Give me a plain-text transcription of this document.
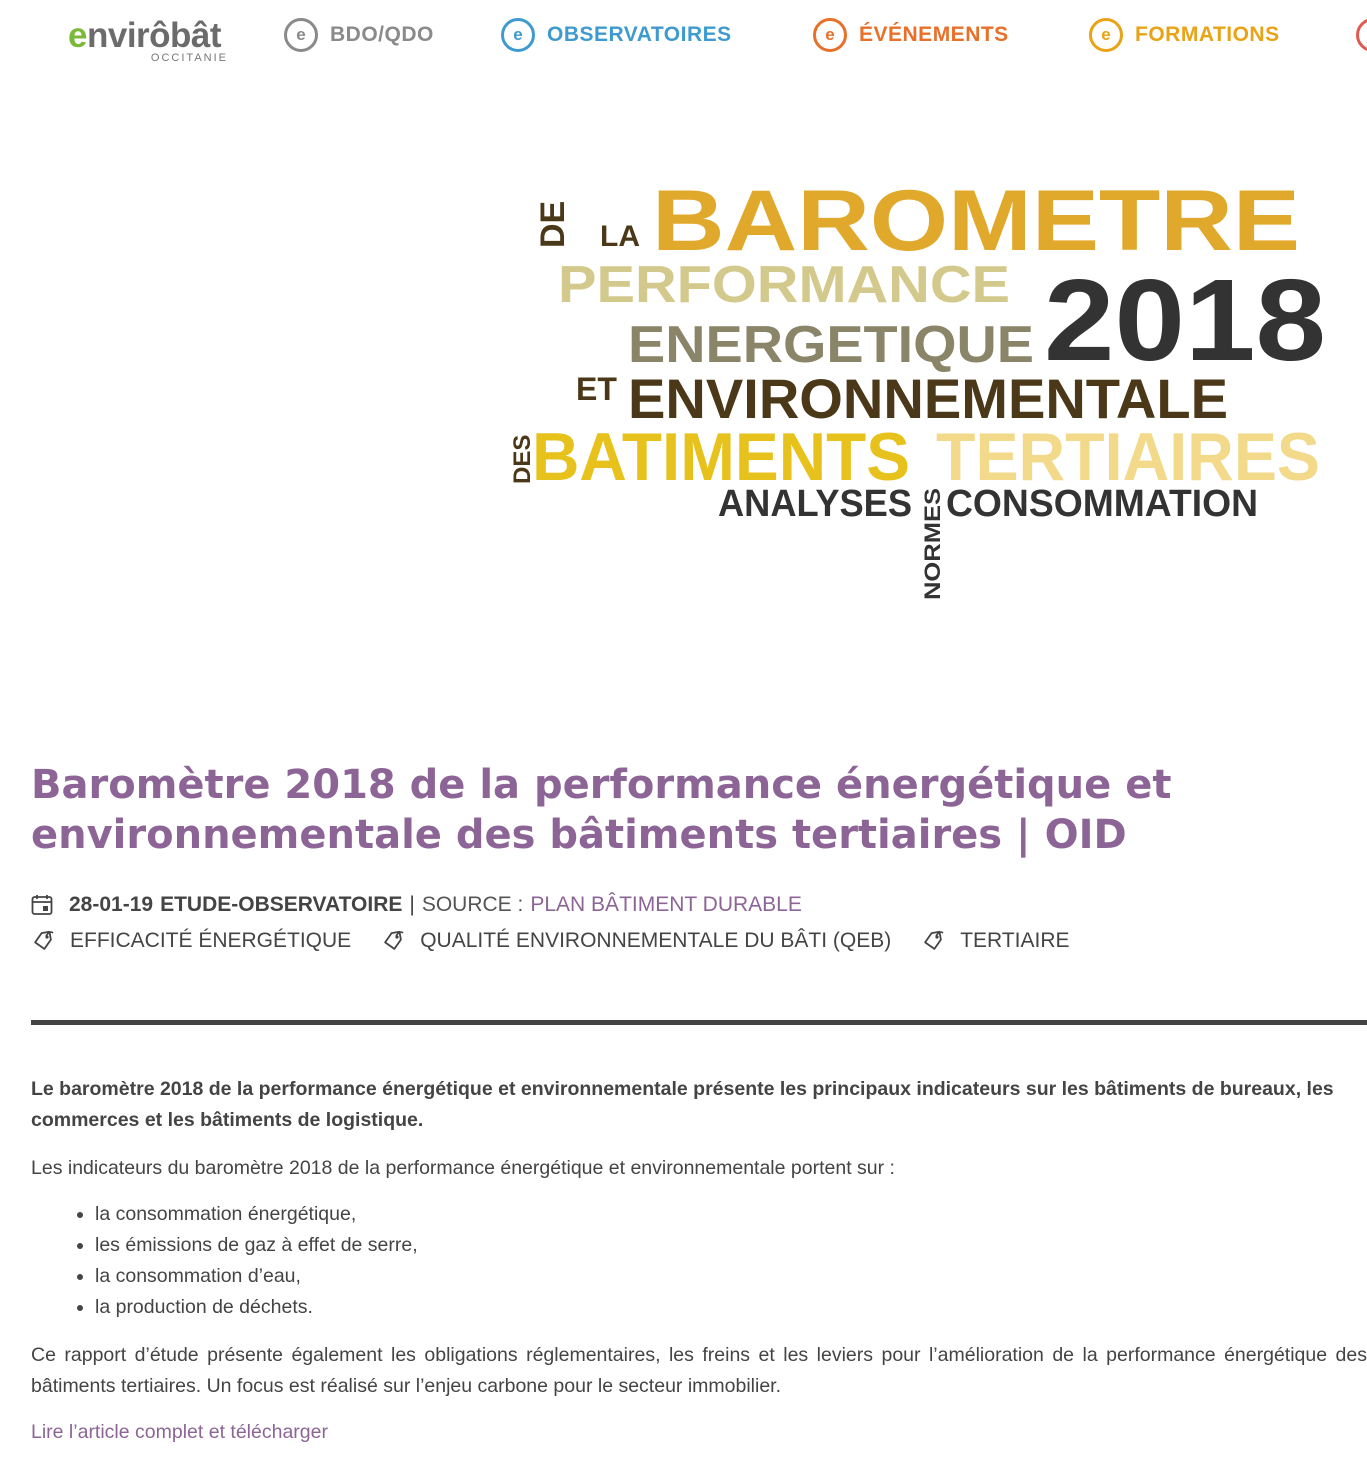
envirôbât
OCCITANIE
e	BDO/QDO	e	OBSERVATOIRES	e	ÉVÉNEMENTS	e	FORMATIONS
DE LA BAROMETRE
PERFORMANCE 2018
ENERGETIQUE
ET ENVIRONNEMENTALE
DES
BATIMENTS TERTIAIRES
ANALYSES NORMES CONSOMMATION
Baromètre 2018 de la performance énergétique et environnementale des bâtiments tertiaires | OID
28-01-19 ETUDE-OBSERVATOIRE | SOURCE : PLAN BÂTIMENT DURABLE
EFFICACITÉ ÉNERGÉTIQUE	QUALITÉ ENVIRONNEMENTALE DU BÂTI (QEB)	TERTIAIRE

Le baromètre 2018 de la performance énergétique et environnementale présente les principaux indicateurs sur les bâtiments de bureaux, les commerces et les bâtiments de logistique.

Les indicateurs du baromètre 2018 de la performance énergétique et environnementale portent sur :

• la consommation énergétique,
• les émissions de gaz à effet de serre,
• la consommation d’eau,
• la production de déchets.

Ce rapport d’étude présente également les obligations réglementaires, les freins et les leviers pour l’amélioration de la performance énergétique des bâtiments tertiaires. Un focus est réalisé sur l’enjeu carbone pour le secteur immobilier.

Lire l’article complet et télécharger
